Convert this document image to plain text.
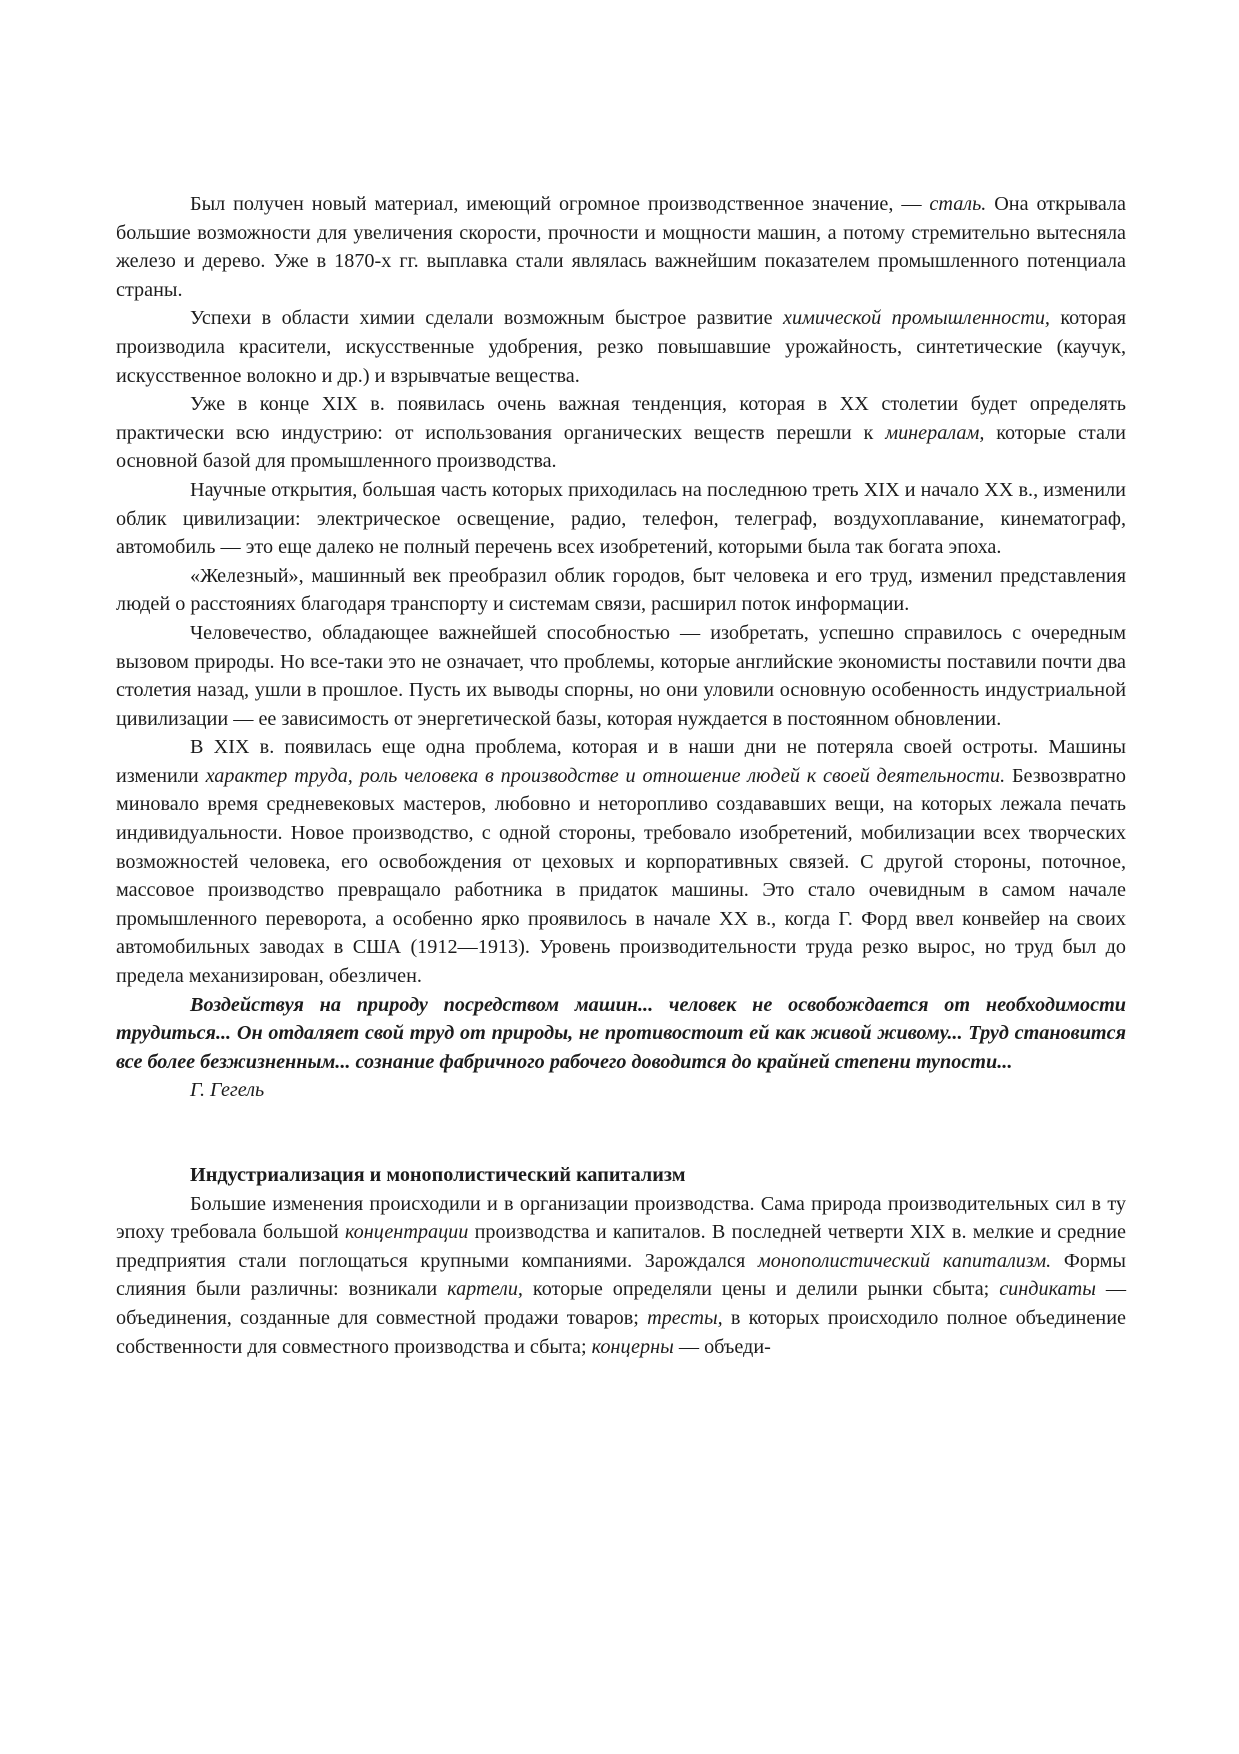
Был получен новый материал, имеющий огромное производственное значение, — сталь. Она открывала большие возможности для увеличения скорости, прочности и мощности машин, а потому стремительно вытесняла железо и дерево. Уже в 1870-х гг. выплавка стали являлась важнейшим показателем промышленного потенциала страны.

Успехи в области химии сделали возможным быстрое развитие химической промышленности, которая производила красители, искусственные удобрения, резко повышавшие урожайность, синтетические (каучук, искусственное волокно и др.) и взрывчатые вещества.

Уже в конце XIX в. появилась очень важная тенденция, которая в XX столетии будет определять практически всю индустрию: от использования органических веществ перешли к минералам, которые стали основной базой для промышленного производства.

Научные открытия, большая часть которых приходилась на последнюю треть XIX и начало XX в., изменили облик цивилизации: электрическое освещение, радио, телефон, телеграф, воздухоплавание, кинематограф, автомобиль — это еще далеко не полный перечень всех изобретений, которыми была так богата эпоха.

«Железный», машинный век преобразил облик городов, быт человека и его труд, изменил представления людей о расстояниях благодаря транспорту и системам связи, расширил поток информации.

Человечество, обладающее важнейшей способностью — изобретать, успешно справилось с очередным вызовом природы. Но все-таки это не означает, что проблемы, которые английские экономисты поставили почти два столетия назад, ушли в прошлое. Пусть их выводы спорны, но они уловили основную особенность индустриальной цивилизации — ее зависимость от энергетической базы, которая нуждается в постоянном обновлении.

В XIX в. появилась еще одна проблема, которая и в наши дни не потеряла своей остроты. Машины изменили характер труда, роль человека в производстве и отношение людей к своей деятельности. Безвозвратно миновало время средневековых мастеров, любовно и неторопливо создававших вещи, на которых лежала печать индивидуальности. Новое производство, с одной стороны, требовало изобретений, мобилизации всех творческих возможностей человека, его освобождения от цеховых и корпоративных связей. С другой стороны, поточное, массовое производство превращало работника в придаток машины. Это стало очевидным в самом начале промышленного переворота, а особенно ярко проявилось в начале XX в., когда Г. Форд ввел конвейер на своих автомобильных заводах в США (1912—1913). Уровень производительности труда резко вырос, но труд был до предела механизирован, обезличен.

Воздействуя на природу посредством машин... человек не освобождается от необходимости трудиться... Он отдаляет свой труд от природы, не противостоит ей как живой живому... Труд становится все более безжизненным... сознание фабричного рабочего доводится до крайней степени тупости...

Г. Гегель

Индустриализация и монополистический капитализм

Большие изменения происходили и в организации производства. Сама природа производительных сил в ту эпоху требовала большой концентрации производства и капиталов. В последней четверти XIX в. мелкие и средние предприятия стали поглощаться крупными компаниями. Зарождался монополистический капитализм. Формы слияния были различны: возникали картели, которые определяли цены и делили рынки сбыта; синдикаты — объединения, созданные для совместной продажи товаров; тресты, в которых происходило полное объединение собственности для совместного производства и сбыта; концерны — объеди-
